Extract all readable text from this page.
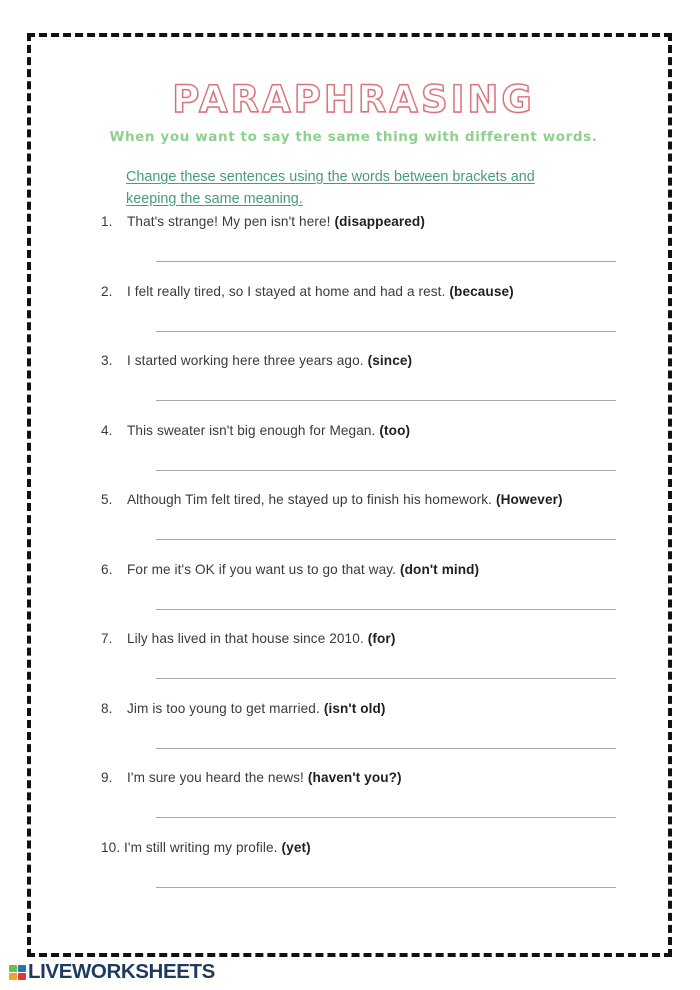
PARAPHRASING

When you want to say the same thing with different words.

Change these sentences using the words between brackets and keeping the same meaning.
1.	That's strange! My pen isn't here! (disappeared)
2.	I felt really tired, so I stayed at home and had a rest. (because)
3.	I started working here three years ago. (since)
4.	This sweater isn't big enough for Megan. (too)
5.	Although Tim felt tired, he stayed up to finish his homework. (However)
6.	For me it's OK if you want us to go that way. (don't mind)
7.	Lily has lived in that house since 2010. (for)
8.	Jim is too young to get married. (isn't old)
9.	I'm sure you heard the news! (haven't you?)
10. I'm still writing my profile. (yet)
LIVEWORKSHEETS
